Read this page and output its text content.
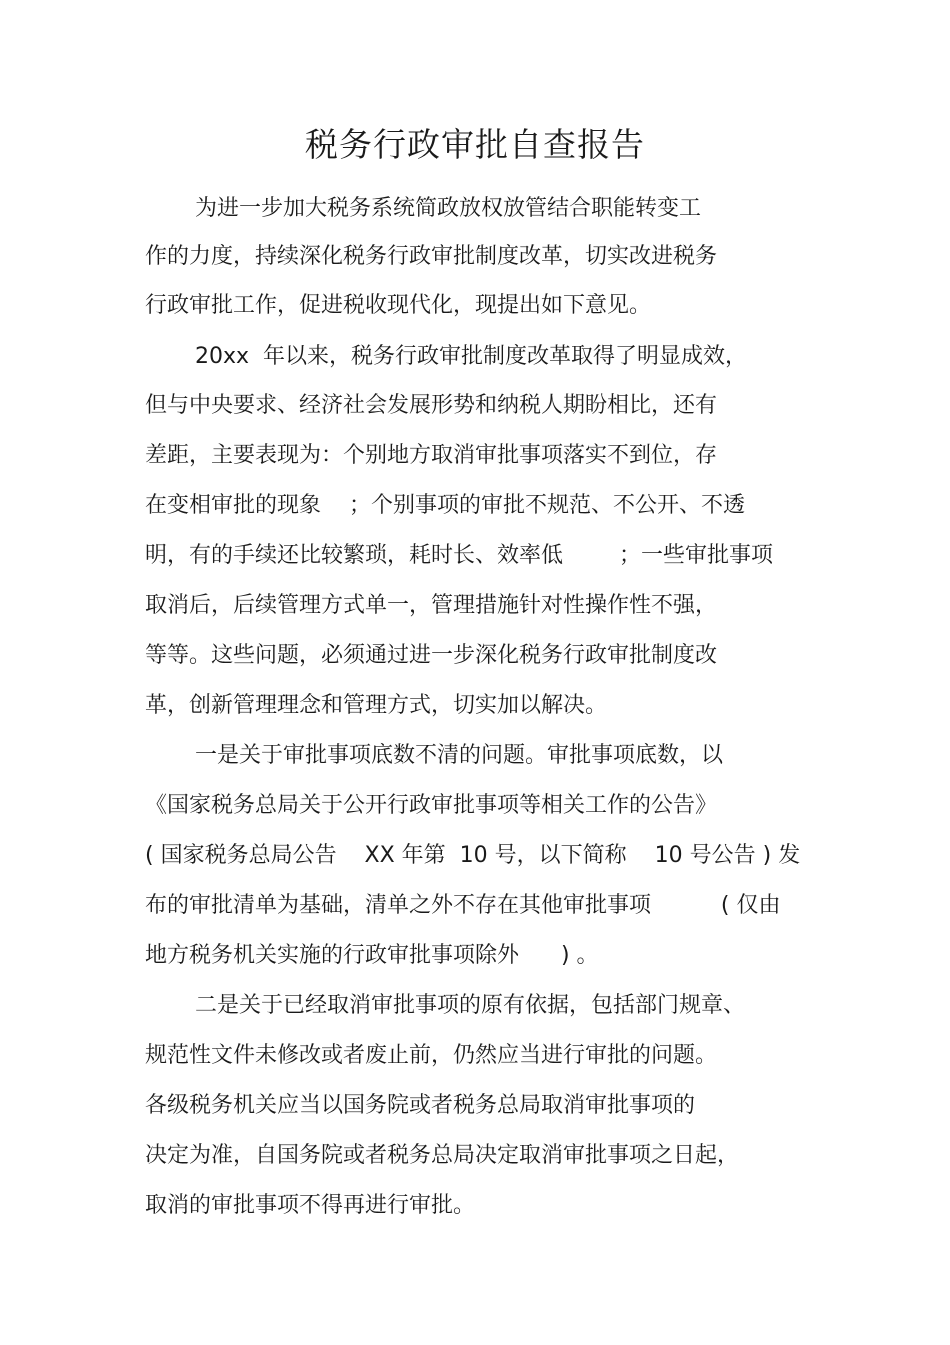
税务行政审批自查报告

为进一步加大税务系统简政放权放管结合职能转变工

作的力度，持续深化税务行政审批制度改革，切实改进税务

行政审批工作，促进税收现代化，现提出如下意见。

20xx  年以来，税务行政审批制度改革取得了明显成效，

但与中央要求、经济社会发展形势和纳税人期盼相比，还有

差距，主要表现为：个别地方取消审批事项落实不到位，存

在变相审批的现象    ；个别事项的审批不规范、不公开、不透

明，有的手续还比较繁琐，耗时长、效率低        ；一些审批事项

取消后，后续管理方式单一，管理措施针对性操作性不强，

等等。这些问题，必须通过进一步深化税务行政审批制度改

革，创新管理理念和管理方式，切实加以解决。

一是关于审批事项底数不清的问题。审批事项底数，以

《国家税务总局关于公开行政审批事项等相关工作的公告》

( 国家税务总局公告    XX 年第  10 号，以下简称    10 号公告 ) 发

布的审批清单为基础，清单之外不存在其他审批事项          ( 仅由

地方税务机关实施的行政审批事项除外      ) 。

二是关于已经取消审批事项的原有依据，包括部门规章、

规范性文件未修改或者废止前，仍然应当进行审批的问题。

各级税务机关应当以国务院或者税务总局取消审批事项的

决定为准，自国务院或者税务总局决定取消审批事项之日起，

取消的审批事项不得再进行审批。
